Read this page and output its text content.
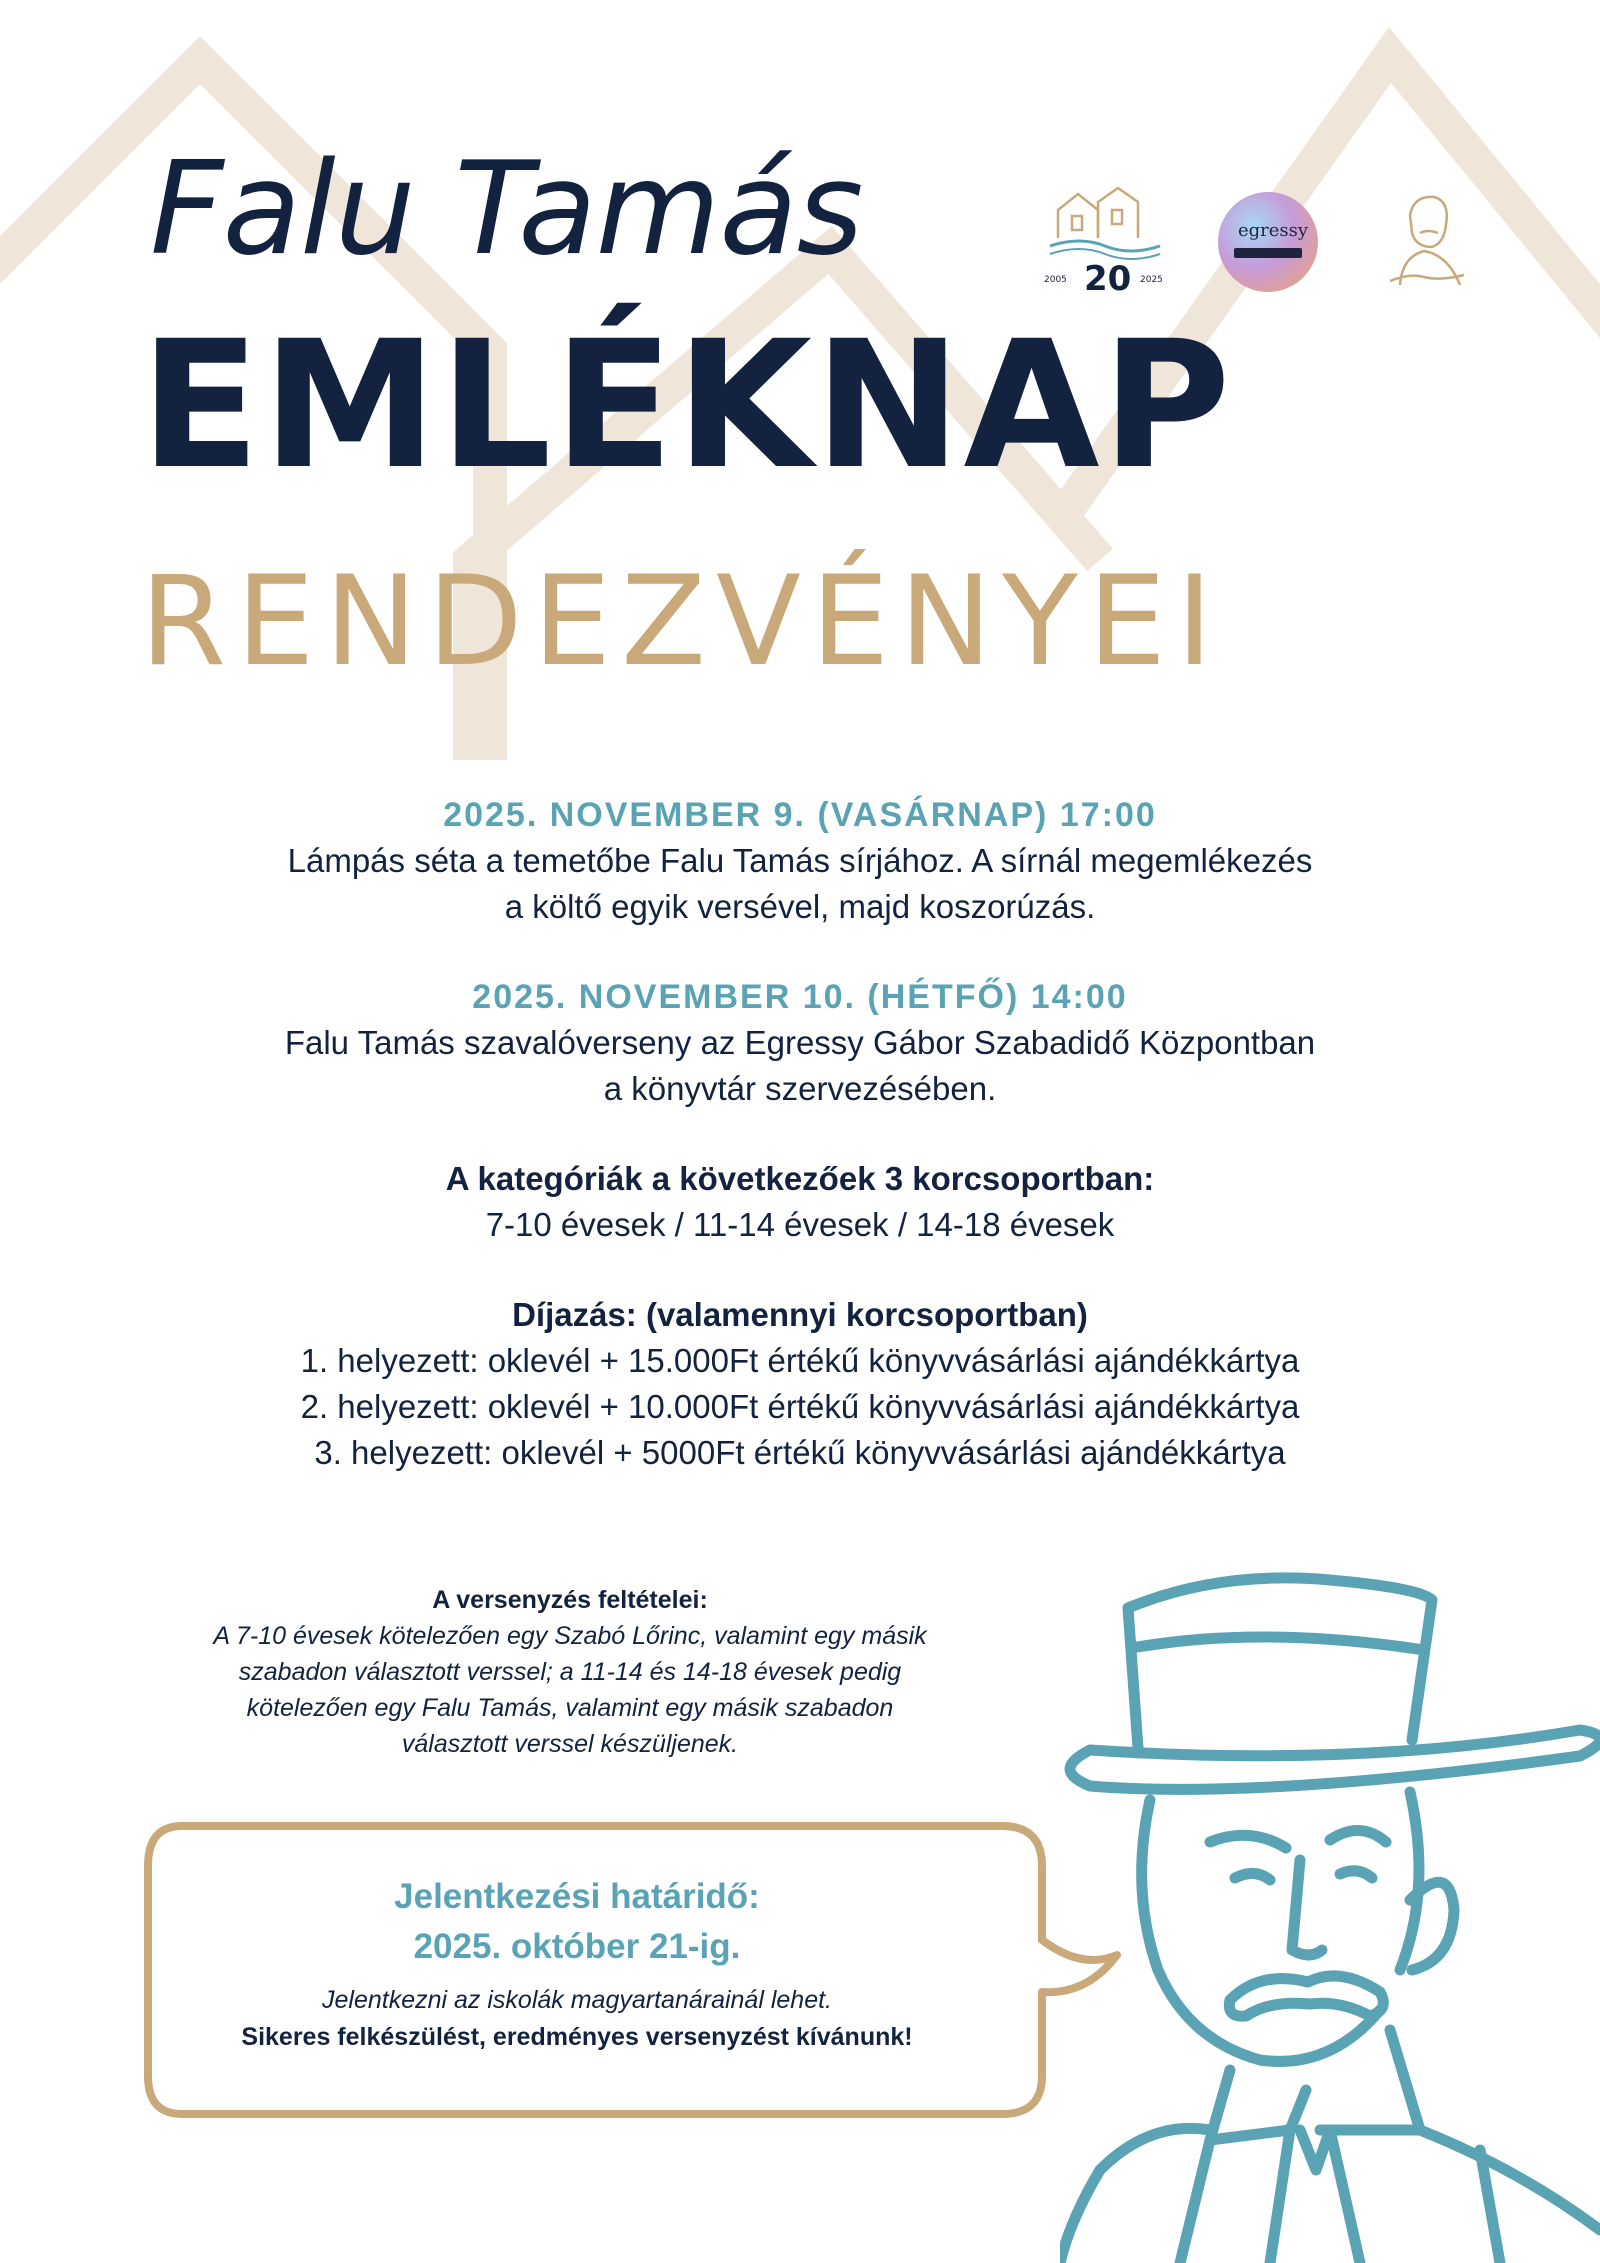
Falu Tamás
EMLÉKNAP
RENDEZVÉNYEI
2005 20 2025
egressy

2025. NOVEMBER 9. (VASÁRNAP) 17:00

Lámpás séta a temetőbe Falu Tamás sírjához. A sírnál megemlékezés

a költő egyik versével, majd koszorúzás.

2025. NOVEMBER 10. (HÉTFŐ) 14:00

Falu Tamás szavalóverseny az Egressy Gábor Szabadidő Központban

a könyvtár szervezésében.

A kategóriák a következőek 3 korcsoportban:

7-10 évesek / 11-14 évesek / 14-18 évesek

Díjazás: (valamennyi korcsoportban)

1. helyezett: oklevél + 15.000Ft értékű könyvvásárlási ajándékkártya

2. helyezett: oklevél + 10.000Ft értékű könyvvásárlási ajándékkártya

3. helyezett: oklevél + 5000Ft értékű könyvvásárlási ajándékkártya

A versenyzés feltételei:
A 7-10 évesek kötelezően egy Szabó Lőrinc, valamint egy másik
szabadon választott verssel; a 11-14 és 14-18 évesek pedig
kötelezően egy Falu Tamás, valamint egy másik szabadon
választott verssel készüljenek.
Jelentkezési határidő:
2025. október 21-ig.
Jelentkezni az iskolák magyartanárainál lehet.
Sikeres felkészülést, eredményes versenyzést kívánunk!
